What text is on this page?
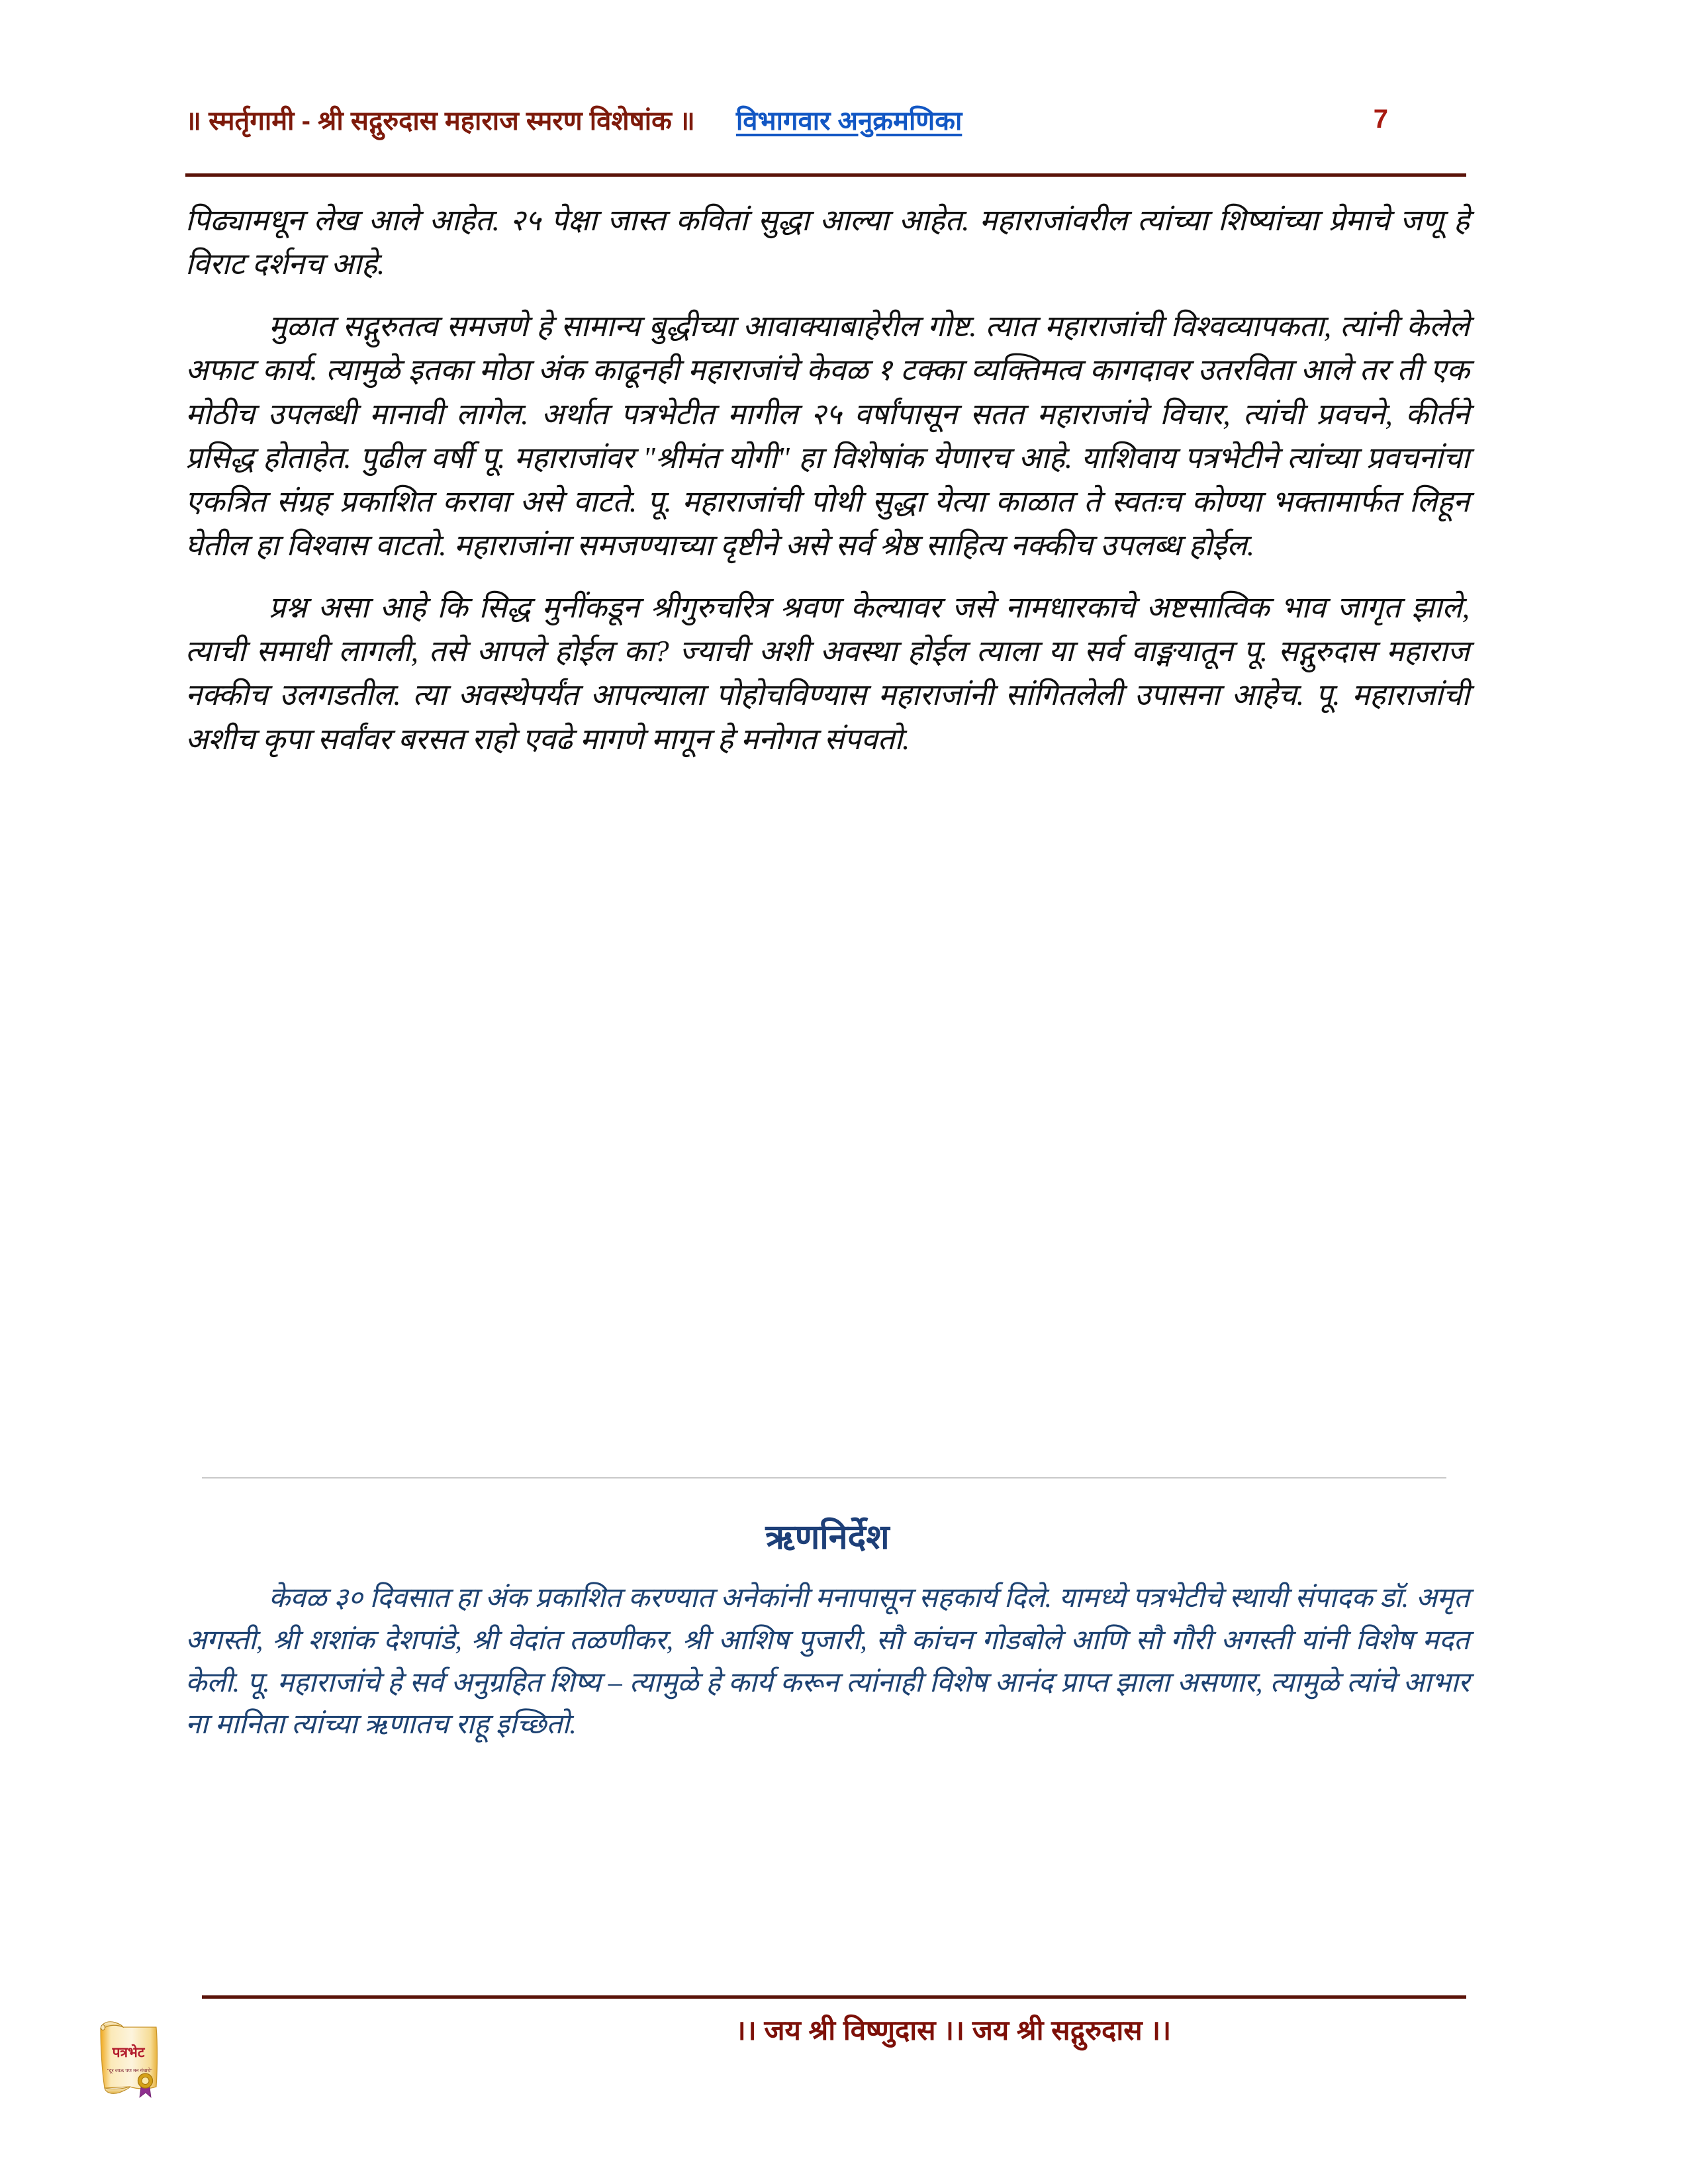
॥ स्मर्तृगामी - श्री सद्गुरुदास महाराज स्मरण विशेषांक ॥ विभागवार अनुक्रमणिका	7

पिढ्यामधून लेख आले आहेत. २५ पेक्षा जास्त कवितां सुद्धा आल्या आहेत. महाराजांवरील त्यांच्या शिष्यांच्या प्रेमाचे जणू हे विराट दर्शनच आहे.

मुळात सद्गुरुतत्व समजणे हे सामान्य बुद्धीच्या आवाक्याबाहेरील गोष्ट. त्यात महाराजांची विश्वव्यापकता, त्यांनी केलेले अफाट कार्य. त्यामुळे इतका मोठा अंक काढूनही महाराजांचे केवळ १ टक्का व्यक्तिमत्व कागदावर उतरविता आले तर ती एक मोठीच उपलब्धी मानावी लागेल. अर्थात पत्रभेटीत मागील २५ वर्षांपासून सतत महाराजांचे विचार, त्यांची प्रवचने, कीर्तने प्रसिद्ध होताहेत. पुढील वर्षी पू. महाराजांवर "श्रीमंत योगी" हा विशेषांक येणारच आहे. याशिवाय पत्रभेटीने त्यांच्या प्रवचनांचा एकत्रित संग्रह प्रकाशित करावा असे वाटते. पू. महाराजांची पोथी सुद्धा येत्या काळात ते स्वतःच कोण्या भक्तामार्फत लिहून घेतील हा विश्वास वाटतो. महाराजांना समजण्याच्या दृष्टीने असे सर्व श्रेष्ठ साहित्य नक्कीच उपलब्ध होईल.

प्रश्न असा आहे कि सिद्ध मुनींकडून श्रीगुरुचरित्र श्रवण केल्यावर जसे नामधारकाचे अष्टसात्विक भाव जागृत झाले, त्याची समाधी लागली, तसे आपले होईल का? ज्याची अशी अवस्था होईल त्याला या सर्व वाङ्मयातून पू. सद्गुरुदास महाराज नक्कीच उलगडतील. त्या अवस्थेपर्यंत आपल्याला पोहोचविण्यास महाराजांनी सांगितलेली उपासना आहेच. पू. महाराजांची अशीच कृपा सर्वांवर बरसत राहो एवढे मागणे मागून हे मनोगत संपवतो.

ऋणनिर्देश

केवळ ३० दिवसात हा अंक प्रकाशित करण्यात अनेकांनी मनापासून सहकार्य दिले. यामध्ये पत्रभेटीचे स्थायी संपादक डॉ. अमृत अगस्ती, श्री शशांक देशपांडे, श्री वेदांत तळणीकर, श्री आशिष पुजारी, सौ कांचन गोडबोले आणि सौ गौरी अगस्ती यांनी विशेष मदत केली. पू. महाराजांचे हे सर्व अनुग्रहित शिष्य – त्यामुळे हे कार्य करून त्यांनाही विशेष आनंद प्राप्त झाला असणार, त्यामुळे त्यांचे आभार ना मानिता त्यांच्या ऋणातच राहू इच्छितो.

।। जय श्री विष्णुदास ।। जय श्री सद्गुरुदास ।।
पत्रभेट
"दूर जाऊ पण मन गंधाचे"
